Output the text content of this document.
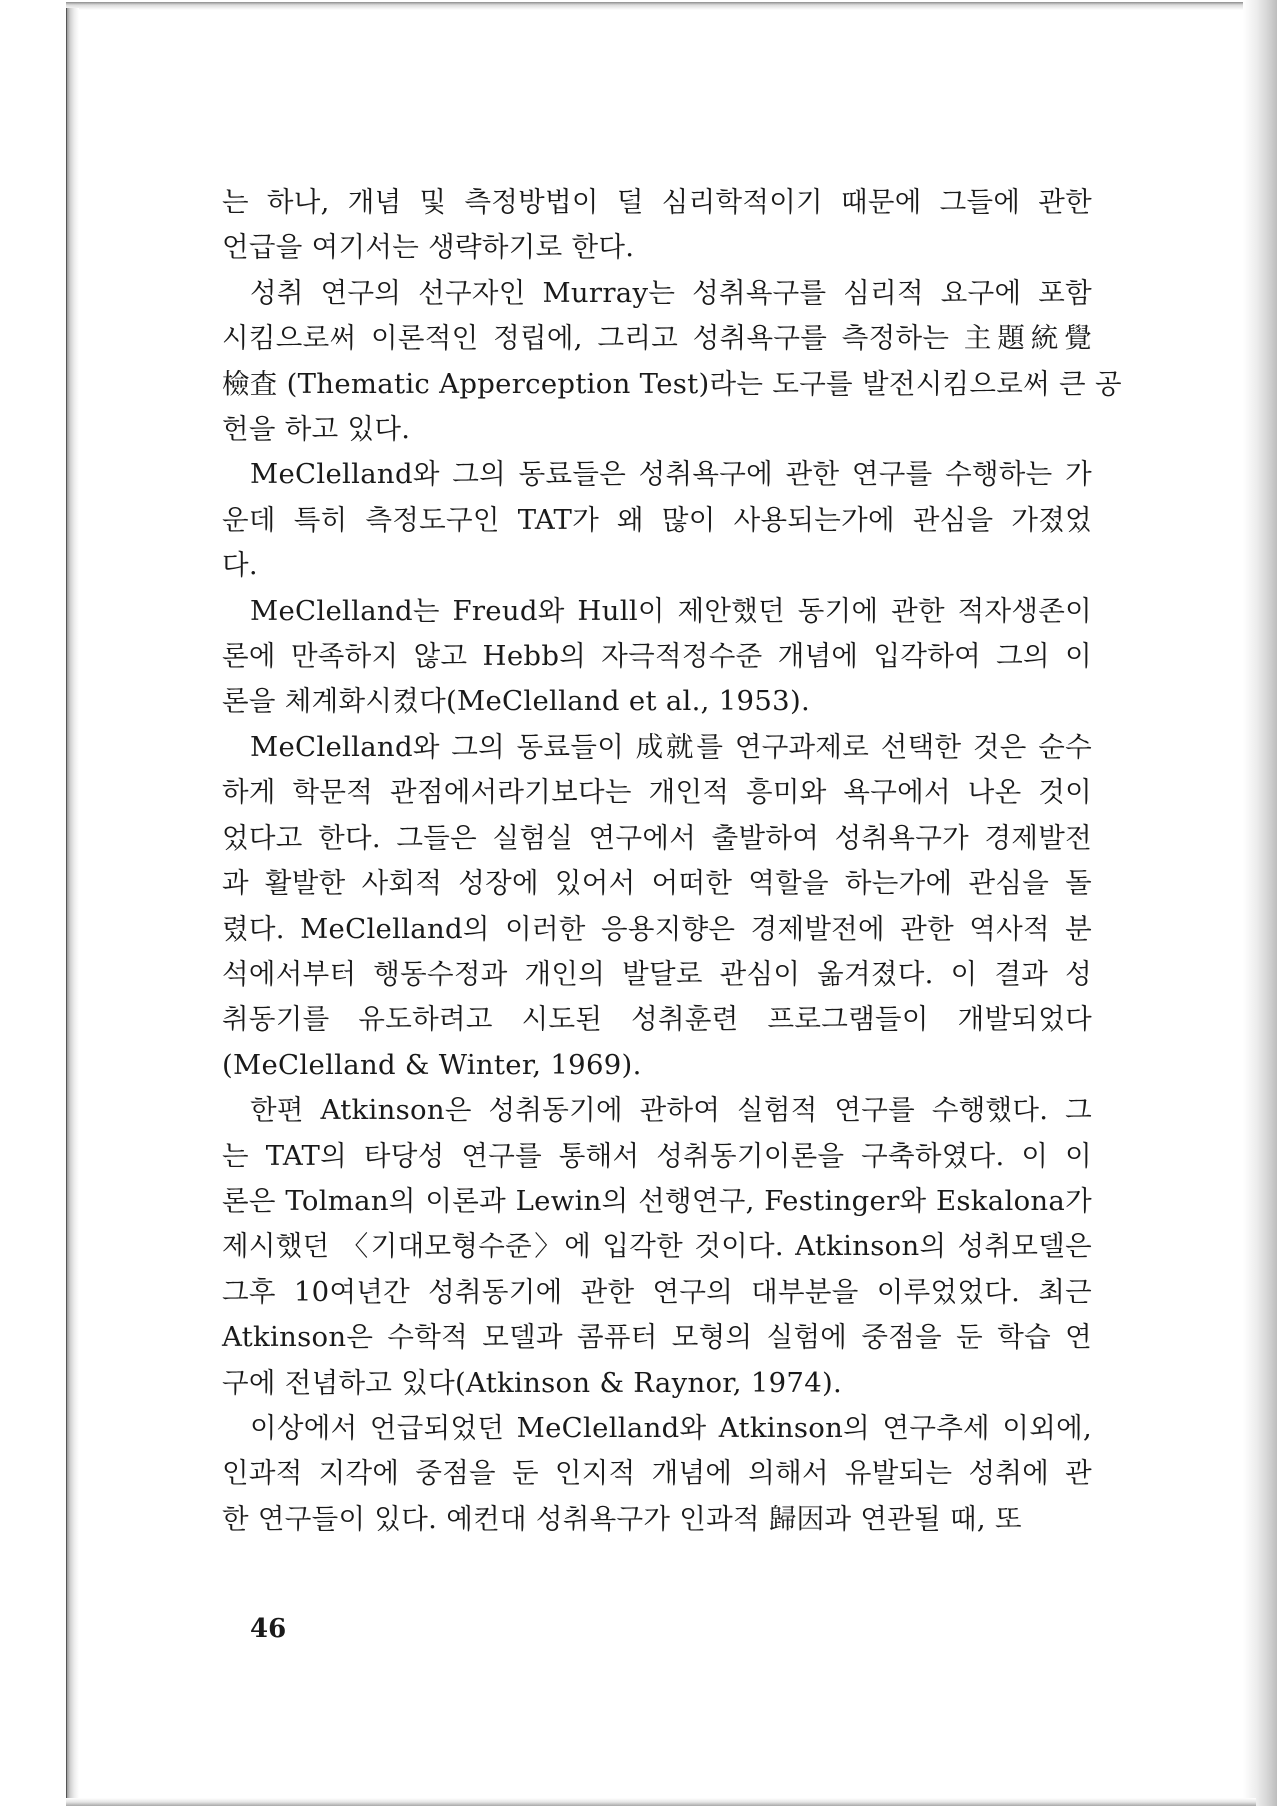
는 하나, 개념 및 측정방법이 덜 심리학적이기 때문에 그들에 관한
언급을 여기서는 생략하기로 한다.

성취 연구의 선구자인 Murray는 성취욕구를 심리적 요구에 포함
시킴으로써 이론적인 정립에, 그리고 성취욕구를 측정하는 主題統覺
檢査 (Thematic Apperception Test)라는 도구를 발전시킴으로써 큰 공
헌을 하고 있다.

MeClelland와 그의 동료들은 성취욕구에 관한 연구를 수행하는 가
운데 특히 측정도구인 TAT가 왜 많이 사용되는가에 관심을 가졌었
다.

MeClelland는 Freud와 Hull이 제안했던 동기에 관한 적자생존이
론에 만족하지 않고 Hebb의 자극적정수준 개념에 입각하여 그의 이
론을 체계화시켰다(MeClelland et al., 1953).

MeClelland와 그의 동료들이 成就를 연구과제로 선택한 것은 순수
하게 학문적 관점에서라기보다는 개인적 흥미와 욕구에서 나온 것이
었다고 한다. 그들은 실험실 연구에서 출발하여 성취욕구가 경제발전
과 활발한 사회적 성장에 있어서 어떠한 역할을 하는가에 관심을 돌
렸다. MeClelland의 이러한 응용지향은 경제발전에 관한 역사적 분
석에서부터 행동수정과 개인의 발달로 관심이 옮겨졌다. 이 결과 성
취동기를 유도하려고 시도된 성취훈련 프로그램들이 개발되었다
(MeClelland & Winter, 1969).

한편 Atkinson은 성취동기에 관하여 실험적 연구를 수행했다. 그
는 TAT의 타당성 연구를 통해서 성취동기이론을 구축하였다. 이 이
론은 Tolman의 이론과 Lewin의 선행연구, Festinger와 Eskalona가
제시했던 〈기대모형수준〉에 입각한 것이다. Atkinson의 성취모델은
그후 10여년간 성취동기에 관한 연구의 대부분을 이루었었다. 최근
Atkinson은 수학적 모델과 콤퓨터 모형의 실험에 중점을 둔 학습 연
구에 전념하고 있다(Atkinson & Raynor, 1974).

이상에서 언급되었던 MeClelland와 Atkinson의 연구추세 이외에,
인과적 지각에 중점을 둔 인지적 개념에 의해서 유발되는 성취에 관
한 연구들이 있다. 예컨대 성취욕구가 인과적 歸因과 연관될 때, 또

46
